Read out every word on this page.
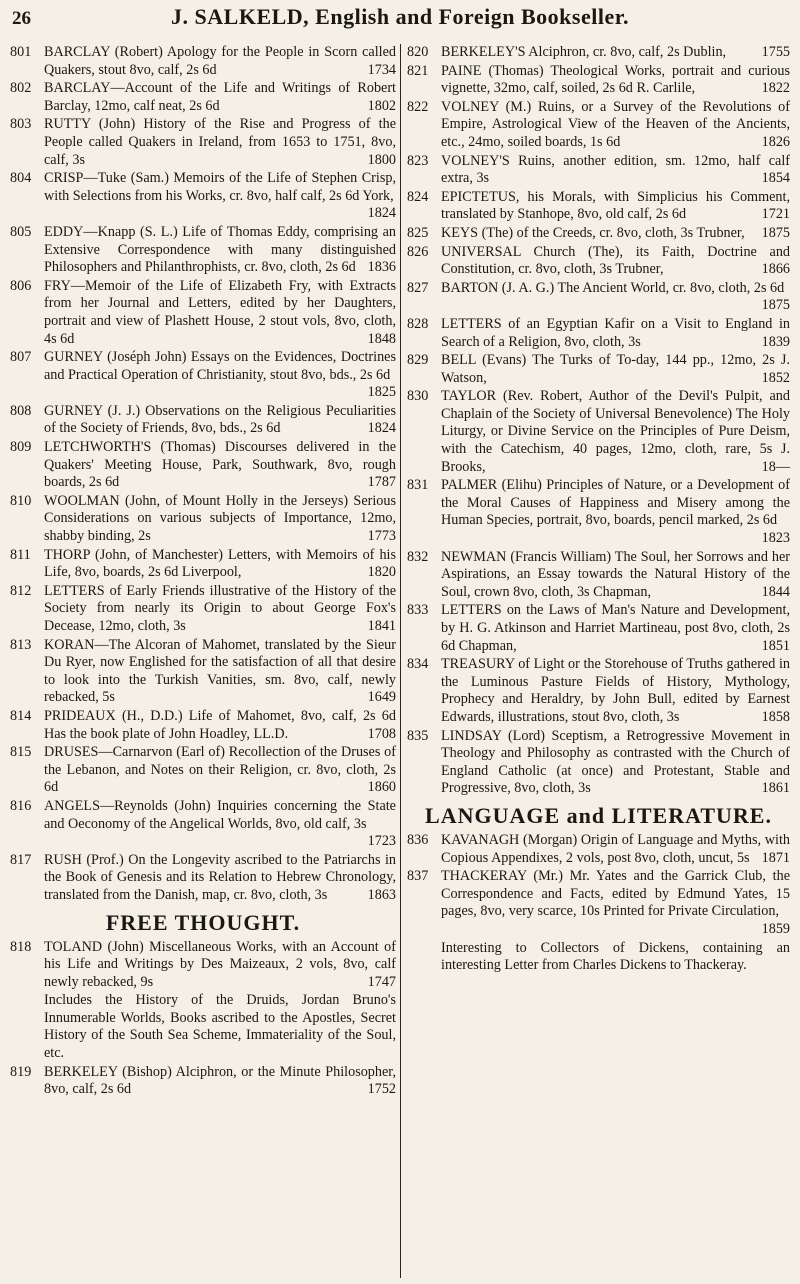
26	J. SALKELD, English and Foreign Bookseller.
801 BARCLAY (Robert) Apology for the People in Scorn called Quakers, stout 8vo, calf, 2s 6d	1734
802 BARCLAY—Account of the Life and Writings of Robert Barclay, 12mo, calf neat, 2s 6d	1802
803 RUTTY (John) History of the Rise and Progress of the People called Quakers in Ireland, from 1653 to 1751, 8vo, calf, 3s	1800
804 CRISP—Tuke (Sam.) Memoirs of the Life of Stephen Crisp, with Selections from his Works, cr. 8vo, half calf, 2s 6d York,
1824
805 EDDY—Knapp (S. L.) Life of Thomas Eddy, comprising an Extensive Correspondence with many distinguished Philosophers and Philanthrophists, cr. 8vo, cloth, 2s 6d 1836
806 FRY—Memoir of the Life of Elizabeth Fry, with Extracts from her Journal and Letters, edited by her Daughters, portrait and view of Plashett House, 2 stout vols, 8vo, cloth, 4s 6d	1848
807 GURNEY (Joséph John) Essays on the Evidences, Doctrines and Practical Operation of Christianity, stout 8vo, bds., 2s 6d
1825
808 GURNEY (J. J.) Observations on the Religious Peculiarities of the Society of Friends, 8vo, bds., 2s 6d	1824
809 LETCHWORTH'S (Thomas) Discourses delivered in the Quakers' Meeting House, Park, Southwark, 8vo, rough boards, 2s 6d	1787
810 WOOLMAN (John, of Mount Holly in the Jerseys) Serious Considerations on various subjects of Importance, 12mo, shabby binding, 2s	1773
811 THORP (John, of Manchester) Letters, with Memoirs of his Life, 8vo, boards, 2s 6d Liverpool,	1820
812 LETTERS of Early Friends illustrative of the History of the Society from nearly its Origin to about George Fox's Decease, 12mo, cloth, 3s	1841
813 KORAN—The Alcoran of Mahomet, translated by the Sieur Du Ryer, now Englished for the satisfaction of all that desire to look into the Turkish Vanities, sm. 8vo, calf, newly rebacked, 5s	1649
814 PRIDEAUX (H., D.D.) Life of Mahomet, 8vo, calf, 2s 6d Has the book plate of John Hoadley, LL.D.	1708
815 DRUSES—Carnarvon (Earl of) Recollection of the Druses of the Lebanon, and Notes on their Religion, cr. 8vo, cloth, 2s 6d	1860
816 ANGELS—Reynolds (John) Inquiries concerning the State and Oeconomy of the Angelical Worlds, 8vo, old calf, 3s
1723
817 RUSH (Prof.) On the Longevity ascribed to the Patriarchs in the Book of Genesis and its Relation to Hebrew Chronology, translated from the Danish, map, cr. 8vo, cloth, 3s	1863
FREE THOUGHT.
818 TOLAND (John) Miscellaneous Works, with an Account of his Life and Writings by Des Maizeaux, 2 vols, 8vo, calf newly rebacked, 9s	1747
Includes the History of the Druids, Jordan Bruno's Innumerable Worlds, Books ascribed to the Apostles, Secret History of the South Sea Scheme, Immateriality of the Soul, etc.
819 BERKELEY (Bishop) Alciphron, or the Minute Philosopher, 8vo, calf, 2s 6d	1752
820 BERKELEY'S Alciphron, cr. 8vo, calf, 2s Dublin,	1755
821 PAINE (Thomas) Theological Works, portrait and curious vignette, 32mo, calf, soiled, 2s 6d R. Carlile,	1822
822 VOLNEY (M.) Ruins, or a Survey of the Revolutions of Empire, Astrological View of the Heaven of the Ancients, etc., 24mo, soiled boards, 1s 6d	1826
823 VOLNEY'S Ruins, another edition, sm. 12mo, half calf extra, 3s	1854
824 EPICTETUS, his Morals, with Simplicius his Comment, translated by Stanhope, 8vo, old calf, 2s 6d	1721
825 KEYS (The) of the Creeds, cr. 8vo, cloth, 3s Trubner,	1875
826 UNIVERSAL Church (The), its Faith, Doctrine and Constitution, cr. 8vo, cloth, 3s Trubner,	1866
827 BARTON (J. A. G.) The Ancient World, cr. 8vo, cloth, 2s 6d
1875
828 LETTERS of an Egyptian Kafir on a Visit to England in Search of a Religion, 8vo, cloth, 3s	1839
829 BELL (Evans) The Turks of To-day, 144 pp., 12mo, 2s J. Watson,	1852
830 TAYLOR (Rev. Robert, Author of the Devil's Pulpit, and Chaplain of the Society of Universal Benevolence) The Holy Liturgy, or Divine Service on the Principles of Pure Deism, with the Catechism, 40 pages, 12mo, cloth, rare, 5s J. Brooks,	18—
831 PALMER (Elihu) Principles of Nature, or a Development of the Moral Causes of Happiness and Misery among the Human Species, portrait, 8vo, boards, pencil marked, 2s 6d
1823
832 NEWMAN (Francis William) The Soul, her Sorrows and her Aspirations, an Essay towards the Natural History of the Soul, crown 8vo, cloth, 3s Chapman,	1844
833 LETTERS on the Laws of Man's Nature and Development, by H. G. Atkinson and Harriet Martineau, post 8vo, cloth, 2s 6d Chapman,	1851
834 TREASURY of Light or the Storehouse of Truths gathered in the Luminous Pasture Fields of History, Mythology, Prophecy and Heraldry, by John Bull, edited by Earnest Edwards, illustrations, stout 8vo, cloth, 3s	1858
835 LINDSAY (Lord) Sceptism, a Retrogressive Movement in Theology and Philosophy as contrasted with the Church of England Catholic (at once) and Protestant, Stable and Progressive, 8vo, cloth, 3s	1861
LANGUAGE and LITERATURE.
836 KAVANAGH (Morgan) Origin of Language and Myths, with Copious Appendixes, 2 vols, post 8vo, cloth, uncut, 5s 1871
837 THACKERAY (Mr.) Mr. Yates and the Garrick Club, the Correspondence and Facts, edited by Edmund Yates, 15 pages, 8vo, very scarce, 10s Printed for Private Circulation,
1859
Interesting to Collectors of Dickens, containing an interesting Letter from Charles Dickens to Thackeray.
